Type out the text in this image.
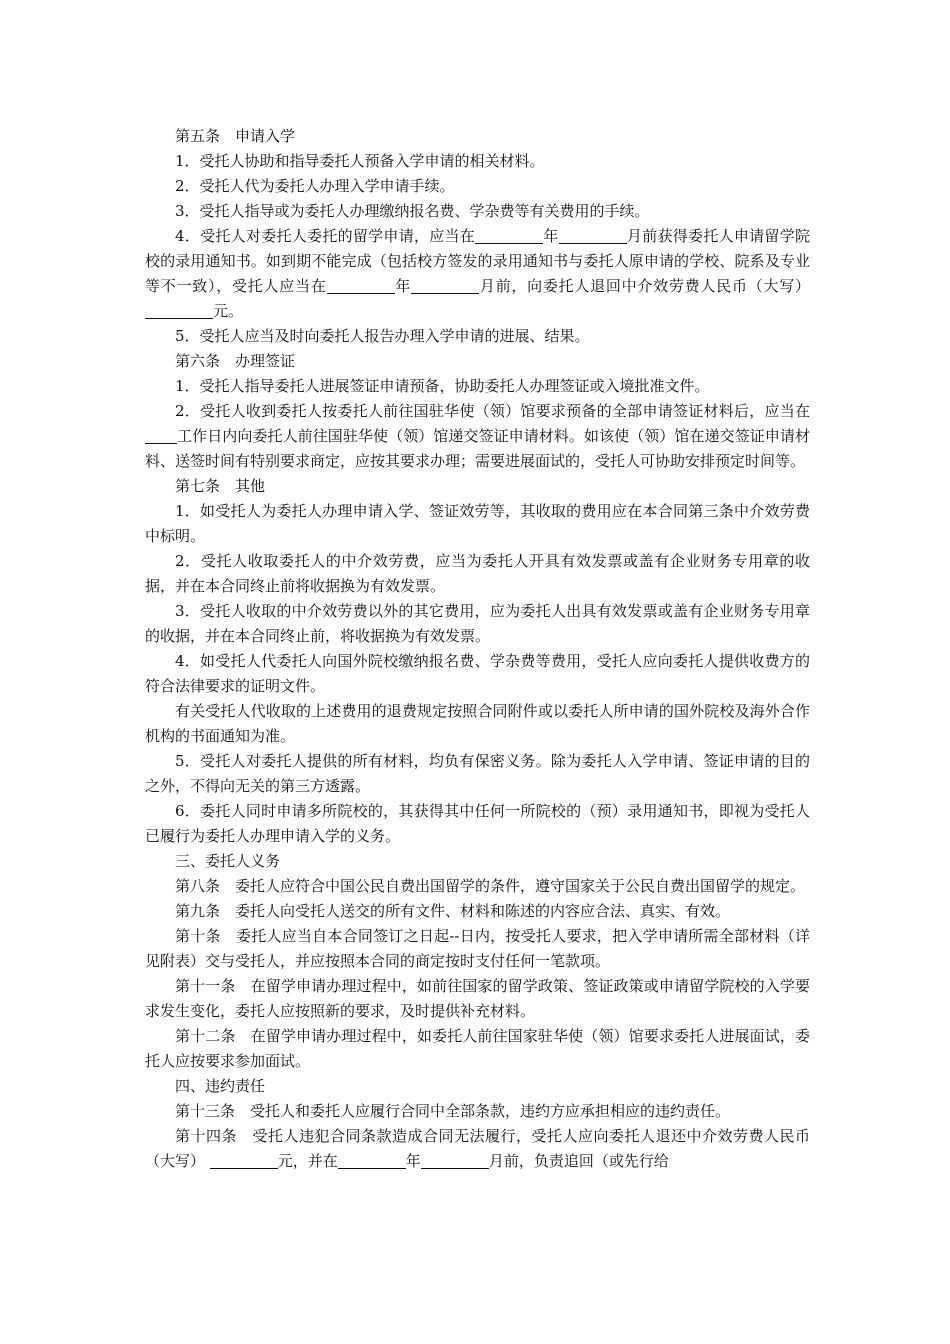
第五条　申请入学

1．受托人协助和指导委托人预备入学申请的相关材料。

2．受托人代为委托人办理入学申请手续。

3．受托人指导或为委托人办理缴纳报名费、学杂费等有关费用的手续。

4．受托人对委托人委托的留学申请，应当在	年	月前获得委托人申请留学院校的录用通知书。如到期不能完成（包括校方签发的录用通知书与委托人原申请的学校、院系及专业等不一致），受托人应当在	年	月前，向委托人退回中介效劳费人民币（大写） 元。

5．受托人应当及时向委托人报告办理入学申请的进展、结果。

第六条　办理签证

1．受托人指导委托人进展签证申请预备，协助委托人办理签证或入境批准文件。

2．受托人收到委托人按委托人前往国驻华使（领）馆要求预备的全部申请签证材料后，应当在工作日内向委托人前往国驻华使（领）馆递交签证申请材料。如该使（领）馆在递交签证申请材料、送签时间有特别要求商定，应按其要求办理；需要进展面试的，受托人可协助安排预定时间等。

第七条　其他

1．如受托人为委托人办理申请入学、签证效劳等，其收取的费用应在本合同第三条中介效劳费中标明。

2．受托人收取委托人的中介效劳费，应当为委托人开具有效发票或盖有企业财务专用章的收据，并在本合同终止前将收据换为有效发票。

3．受托人收取的中介效劳费以外的其它费用，应为委托人出具有效发票或盖有企业财务专用章的收据，并在本合同终止前，将收据换为有效发票。

4．如受托人代委托人向国外院校缴纳报名费、学杂费等费用，受托人应向委托人提供收费方的符合法律要求的证明文件。

有关受托人代收取的上述费用的退费规定按照合同附件或以委托人所申请的国外院校及海外合作机构的书面通知为准。

5．受托人对委托人提供的所有材料，均负有保密义务。除为委托人入学申请、签证申请的目的之外，不得向无关的第三方透露。

6．委托人同时申请多所院校的，其获得其中任何一所院校的（预）录用通知书，即视为受托人已履行为委托人办理申请入学的义务。

三、委托人义务

第八条　委托人应符合中国公民自费出国留学的条件，遵守国家关于公民自费出国留学的规定。

第九条　委托人向受托人送交的所有文件、材料和陈述的内容应合法、真实、有效。

第十条　委托人应当自本合同签订之日起--日内，按受托人要求，把入学申请所需全部材料（详见附表）交与受托人，并应按照本合同的商定按时支付任何一笔款项。

第十一条　在留学申请办理过程中，如前往国家的留学政策、签证政策或申请留学院校的入学要求发生变化，委托人应按照新的要求，及时提供补充材料。

第十二条　在留学申请办理过程中，如委托人前往国家驻华使（领）馆要求委托人进展面试，委托人应按要求参加面试。

四、违约责任

第十三条　受托人和委托人应履行合同中全部条款，违约方应承担相应的违约责任。

第十四条　受托人违犯合同条款造成合同无法履行，受托人应向委托人退还中介效劳费人民币（大写）	元，并在	年	月前，负责追回（或先行给
